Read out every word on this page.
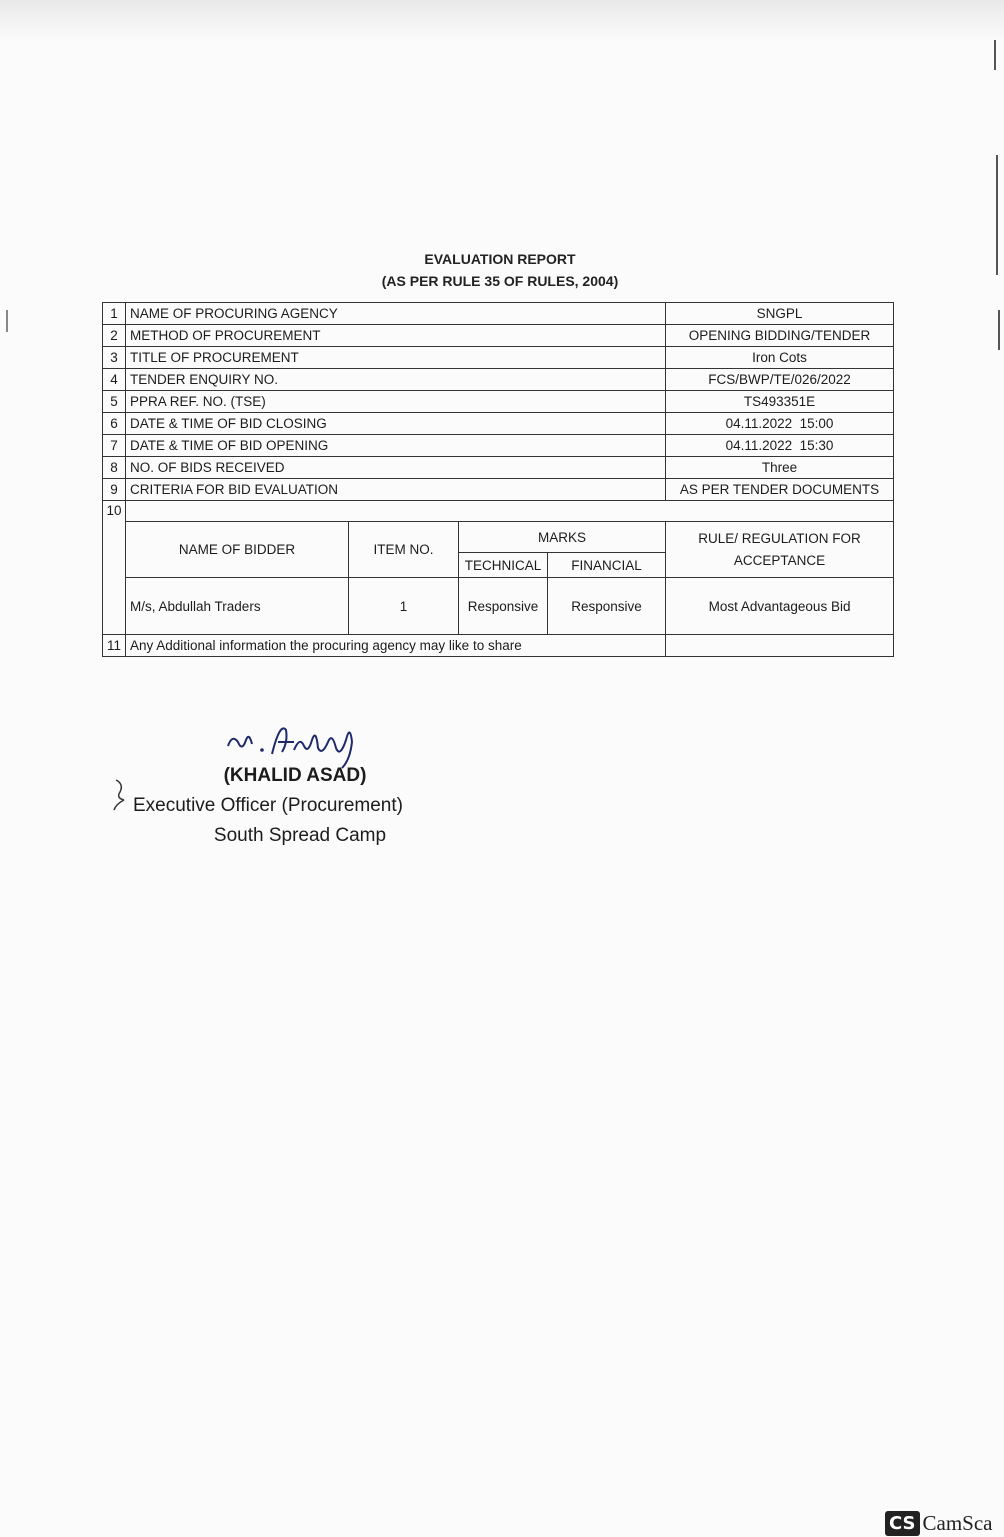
EVALUATION REPORT
(AS PER RULE 35 OF RULES, 2004)
1	NAME OF PROCURING AGENCY				SNGPL
2	METHOD OF PROCUREMENT				OPENING BIDDING/TENDER
3	TITLE OF PROCUREMENT				Iron Cots
4	TENDER ENQUIRY NO.				FCS/BWP/TE/026/2022
5	PPRA REF. NO. (TSE)				TS493351E
6	DATE & TIME OF BID CLOSING				04.11.2022  15:00
7	DATE & TIME OF BID OPENING				04.11.2022  15:30
8	NO. OF BIDS RECEIVED				Three
9	CRITERIA FOR BID EVALUATION				AS PER TENDER DOCUMENTS
10					
	NAME OF BIDDER	ITEM NO.	MARKS		RULE/ REGULATION FOR ACCEPTANCE
			TECHNICAL	FINANCIAL	
	M/s, Abdullah Traders	1	Responsive	Responsive	Most Advantageous Bid
11	Any Additional information the procuring agency may like to share				
(KHALID ASAD)
Executive Officer (Procurement)
South Spread Camp
CS CamSca
